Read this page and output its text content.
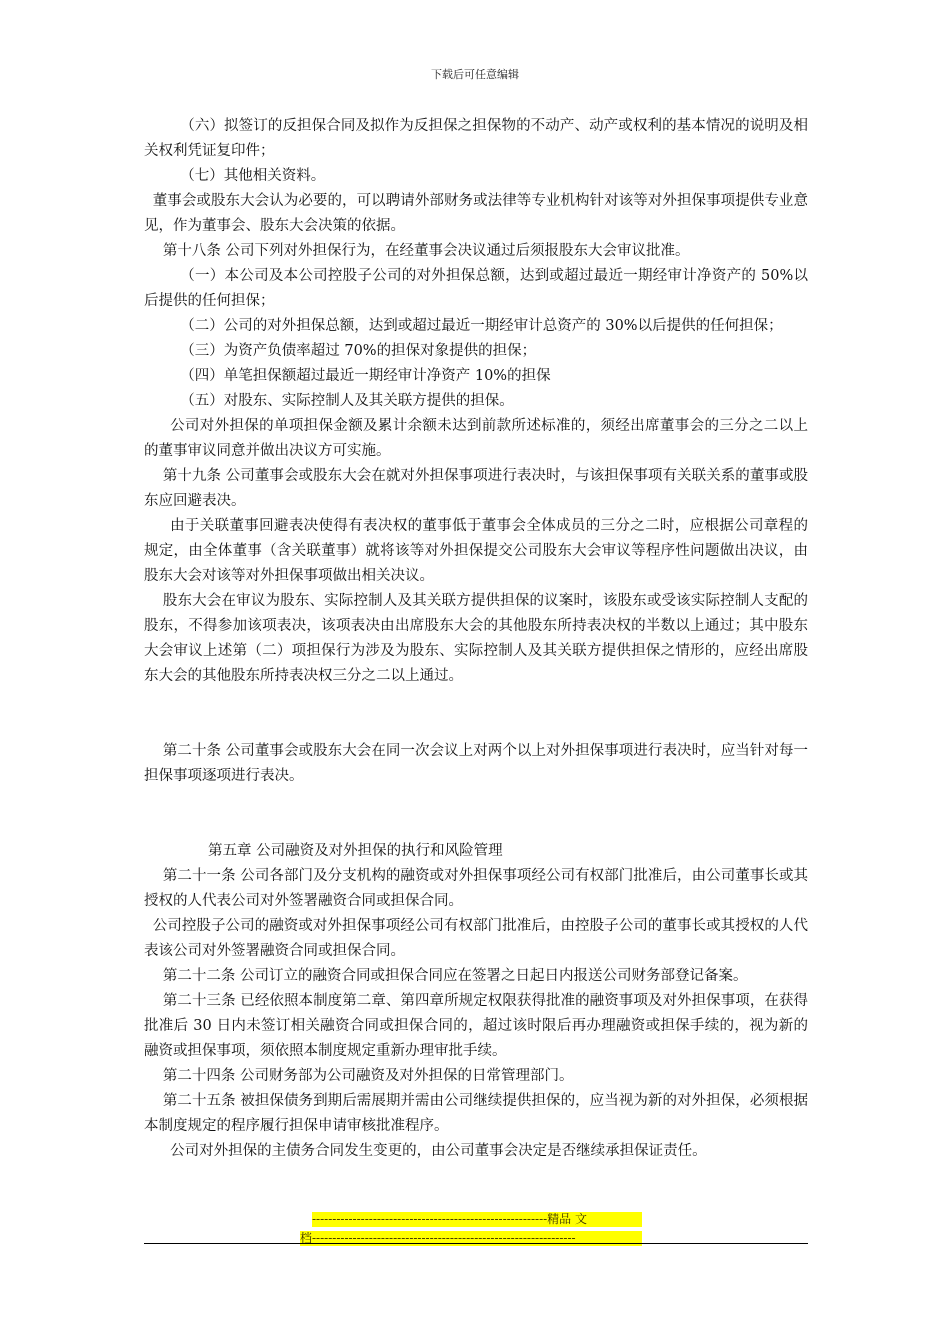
下载后可任意编辑

（六）拟签订的反担保合同及拟作为反担保之担保物的不动产、动产或权利的基本情况的说明及相关权利凭证复印件；

（七）其他相关资料。

董事会或股东大会认为必要的，可以聘请外部财务或法律等专业机构针对该等对外担保事项提供专业意见，作为董事会、股东大会决策的依据。

第十八条 公司下列对外担保行为，在经董事会决议通过后须报股东大会审议批准。

（一）本公司及本公司控股子公司的对外担保总额，达到或超过最近一期经审计净资产的 50%以后提供的任何担保；

（二）公司的对外担保总额，达到或超过最近一期经审计总资产的 30%以后提供的任何担保；

（三）为资产负债率超过 70%的担保对象提供的担保；

（四）单笔担保额超过最近一期经审计净资产 10%的担保

（五）对股东、实际控制人及其关联方提供的担保。

公司对外担保的单项担保金额及累计余额未达到前款所述标准的，须经出席董事会的三分之二以上的董事审议同意并做出决议方可实施。

第十九条 公司董事会或股东大会在就对外担保事项进行表决时，与该担保事项有关联关系的董事或股东应回避表决。

由于关联董事回避表决使得有表决权的董事低于董事会全体成员的三分之二时，应根据公司章程的规定，由全体董事（含关联董事）就将该等对外担保提交公司股东大会审议等程序性问题做出决议，由股东大会对该等对外担保事项做出相关决议。

股东大会在审议为股东、实际控制人及其关联方提供担保的议案时，该股东或受该实际控制人支配的股东，不得参加该项表决，该项表决由出席股东大会的其他股东所持表决权的半数以上通过；其中股东大会审议上述第（二）项担保行为涉及为股东、实际控制人及其关联方提供担保之情形的，应经出席股东大会的其他股东所持表决权三分之二以上通过。

第二十条 公司董事会或股东大会在同一次会议上对两个以上对外担保事项进行表决时，应当针对每一担保事项逐项进行表决。

第五章 公司融资及对外担保的执行和风险管理

第二十一条 公司各部门及分支机构的融资或对外担保事项经公司有权部门批准后，由公司董事长或其授权的人代表公司对外签署融资合同或担保合同。

公司控股子公司的融资或对外担保事项经公司有权部门批准后，由控股子公司的董事长或其授权的人代表该公司对外签署融资合同或担保合同。

第二十二条 公司订立的融资合同或担保合同应在签署之日起日内报送公司财务部登记备案。

第二十三条 已经依照本制度第二章、第四章所规定权限获得批准的融资事项及对外担保事项，在获得批准后 30 日内未签订相关融资合同或担保合同的，超过该时限后再办理融资或担保手续的，视为新的融资或担保事项，须依照本制度规定重新办理审批手续。

第二十四条 公司财务部为公司融资及对外担保的日常管理部门。

第二十五条 被担保债务到期后需展期并需由公司继续提供担保的，应当视为新的对外担保，必须根据本制度规定的程序履行担保申请审核批准程序。

公司对外担保的主债务合同发生变更的，由公司董事会决定是否继续承担保证责任。

----------------------------------------------------------精品 文
档-----------------------------------------------------------------
